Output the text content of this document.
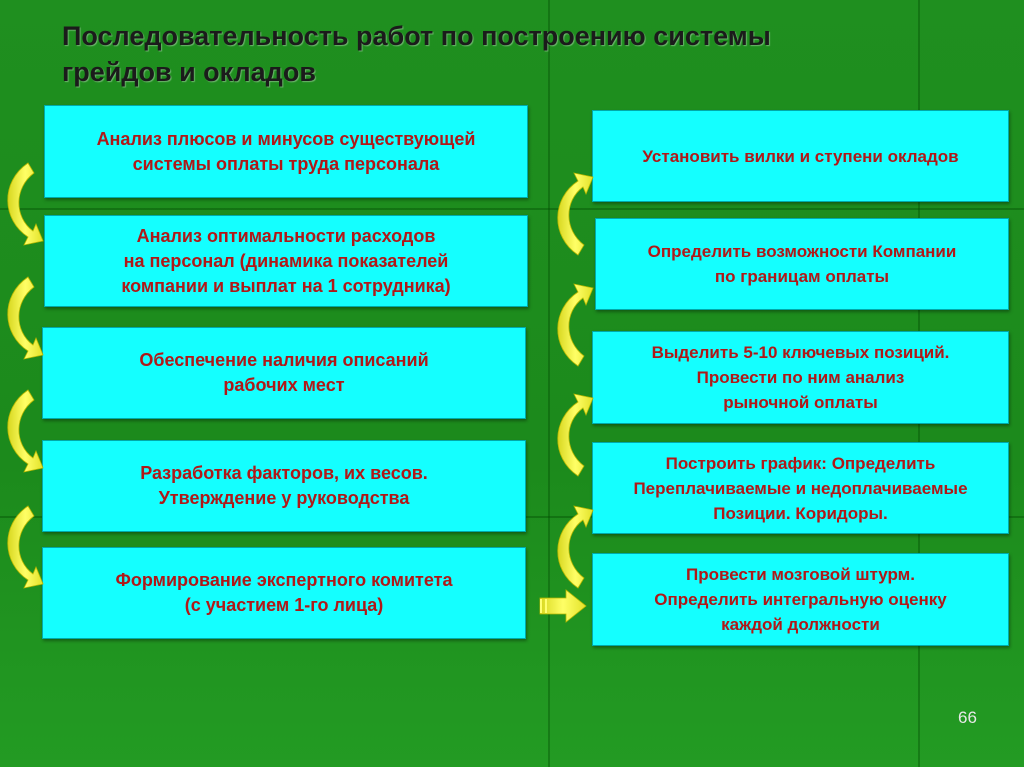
Последовательность работ по построению системы
грейдов и окладов
Анализ плюсов и минусов существующей
системы оплаты труда персонала
Анализ оптимальности расходов
на персонал (динамика показателей
компании и выплат на 1 сотрудника)
Обеспечение наличия описаний
рабочих мест
Разработка факторов, их весов.
Утверждение у руководства
Формирование экспертного комитета
(с участием 1-го лица)
Установить вилки и ступени окладов
Определить возможности Компании
по границам оплаты
Выделить 5-10 ключевых позиций.
Провести по ним анализ
рыночной оплаты
Построить график: Определить
Переплачиваемые и недоплачиваемые
Позиции. Коридоры.
Провести мозговой штурм.
Определить интегральную оценку
каждой должности
66
